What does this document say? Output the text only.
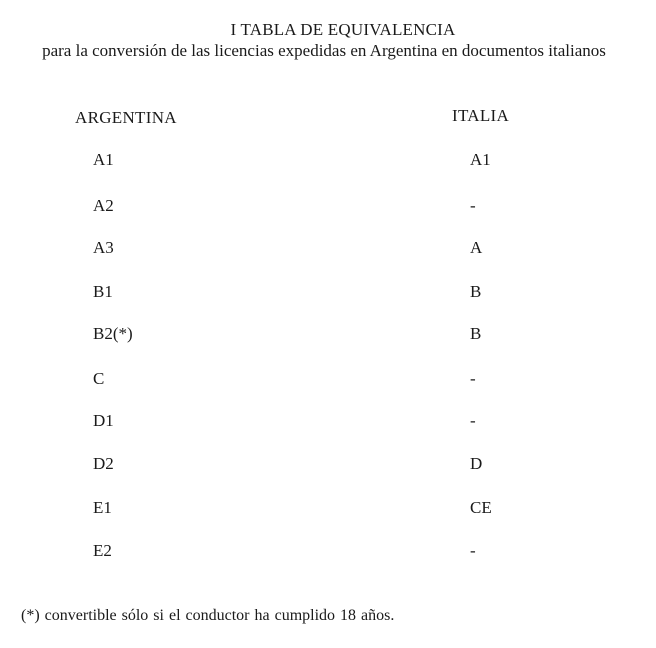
I TABLA DE EQUIVALENCIA
para la conversión de las licencias expedidas en Argentina en documentos italianos
ARGENTINA	ITALIA
A1	A1
A2	-
A3	A
B1	B
B2(*)	B
C	-
D1	-
D2	D
E1	CE
E2	-
(*) convertible sólo si el conductor ha cumplido 18 años.
